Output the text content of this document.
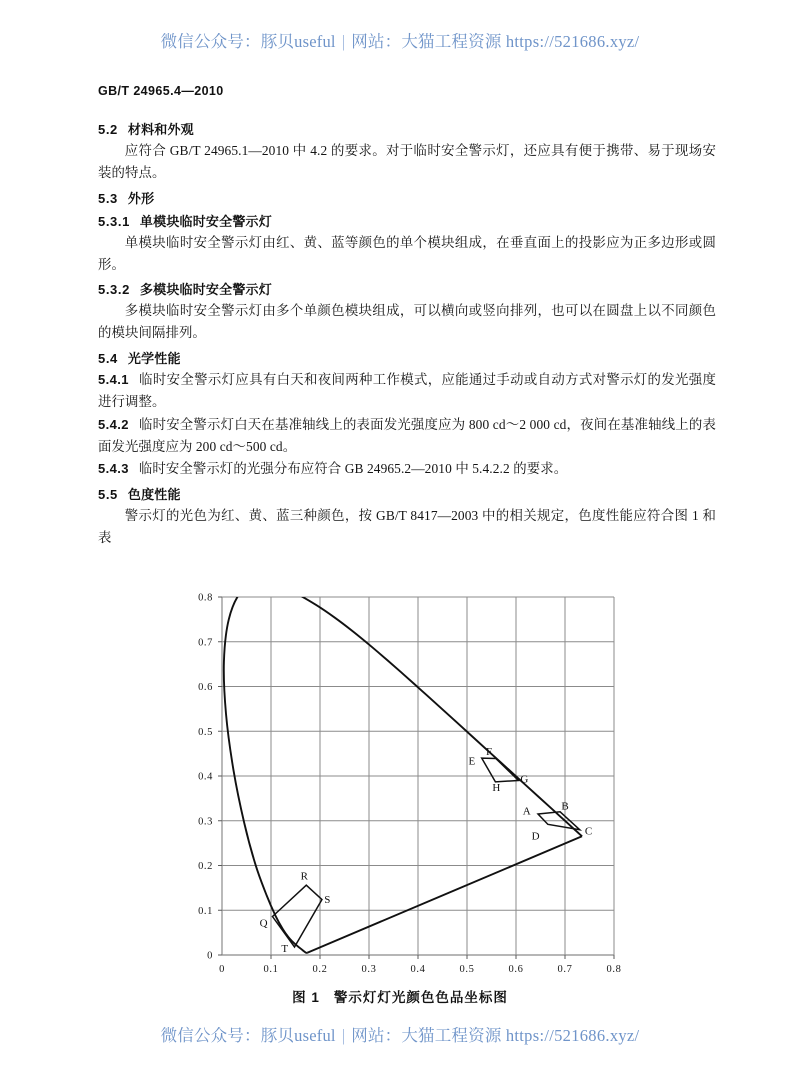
微信公众号：豚贝useful | 网站：大猫工程资源 https://521686.xyz/
GB/T 24965.4—2010
5.2 材料和外观

应符合 GB/T 24965.1—2010 中 4.2 的要求。对于临时安全警示灯，还应具有便于携带、易于现场安装的特点。

5.3 外形
5.3.1 单模块临时安全警示灯

单模块临时安全警示灯由红、黄、蓝等颜色的单个模块组成，在垂直面上的投影应为正多边形或圆形。

5.3.2 多模块临时安全警示灯

多模块临时安全警示灯由多个单颜色模块组成，可以横向或竖向排列，也可以在圆盘上以不同颜色的模块间隔排列。

5.4 光学性能

5.4.1 临时安全警示灯应具有白天和夜间两种工作模式，应能通过手动或自动方式对警示灯的发光强度进行调整。

5.4.2 临时安全警示灯白天在基准轴线上的表面发光强度应为 800 cd～2 000 cd，夜间在基准轴线上的表面发光强度应为 200 cd～500 cd。

5.4.3 临时安全警示灯的光强分布应符合 GB 24965.2—2010 中 5.4.2.2 的要求。

5.5 色度性能

警示灯的光色为红、黄、蓝三种颜色，按 GB/T 8417—2003 中的相关规定，色度性能应符合图 1 和表

0	0.1	0.2	0.3	0.4	0.5	0.6	0.7	0.8
0
0.1
0.2
0.3
0.4
0.5
0.6
0.7
0.8
A	B
C
D
E
F
G
H
Q
R
S
T
图 1 警示灯灯光颜色色品坐标图
微信公众号：豚贝useful | 网站：大猫工程资源 https://521686.xyz/
